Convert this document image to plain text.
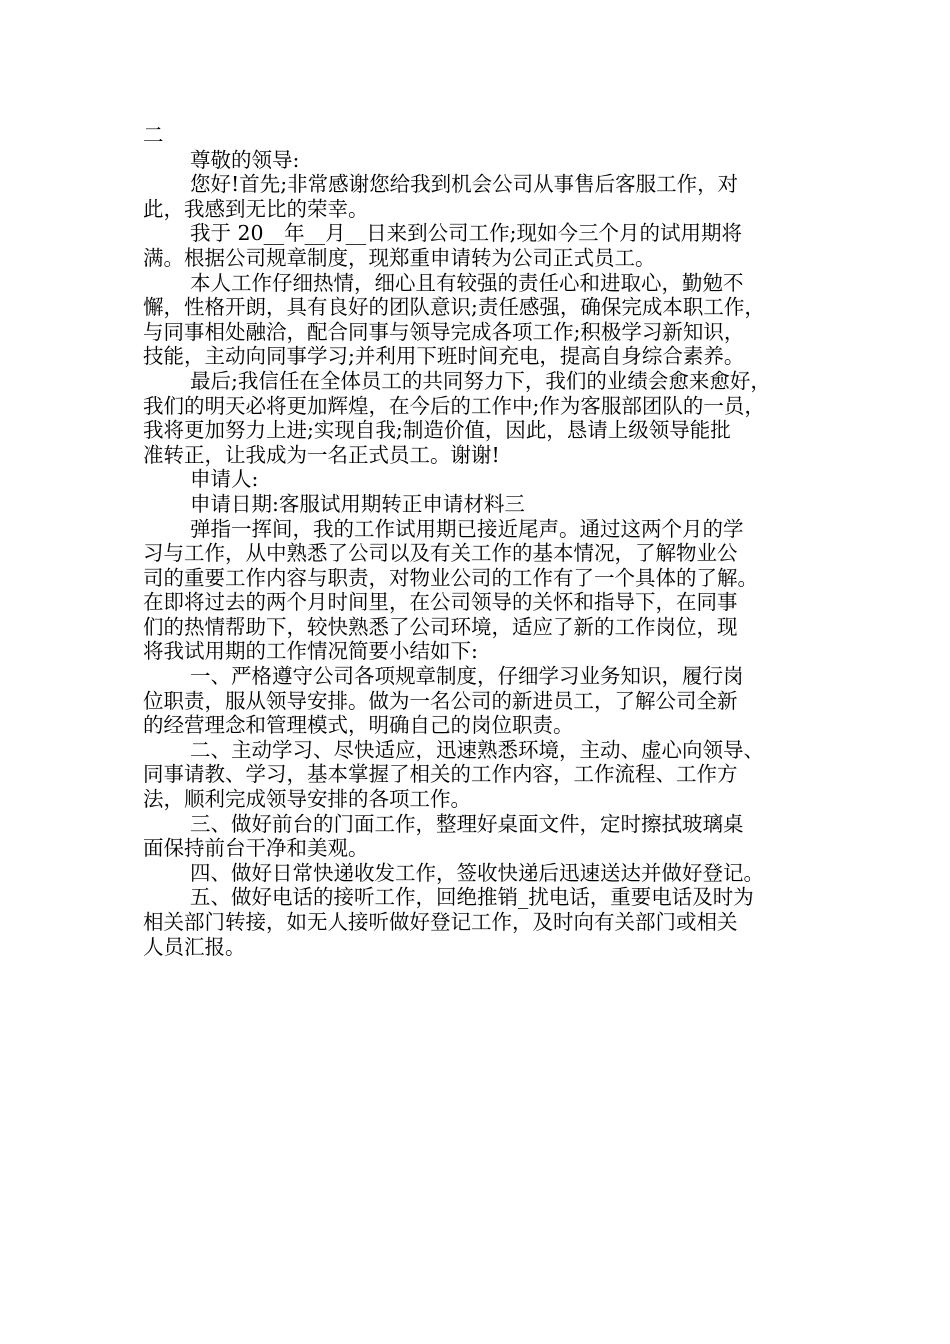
二

尊敬的领导:

您好!首先;非常感谢您给我到机会公司从事售后客服工作，对

此，我感到无比的荣幸。

我于 20__年__月__日来到公司工作;现如今三个月的试用期将

满。根据公司规章制度，现郑重申请转为公司正式员工。

本人工作仔细热情，细心且有较强的责任心和进取心，勤勉不

懈，性格开朗，具有良好的团队意识;责任感强，确保完成本职工作，

与同事相处融洽，配合同事与领导完成各项工作;积极学习新知识，

技能，主动向同事学习;并利用下班时间充电，提高自身综合素养。

最后;我信任在全体员工的共同努力下，我们的业绩会愈来愈好，

我们的明天必将更加辉煌，在今后的工作中;作为客服部团队的一员，

我将更加努力上进;实现自我;制造价值，因此，恳请上级领导能批

准转正，让我成为一名正式员工。谢谢!

申请人:

申请日期:客服试用期转正申请材料三

弹指一挥间，我的工作试用期已接近尾声。通过这两个月的学

习与工作，从中熟悉了公司以及有关工作的基本情况，了解物业公

司的重要工作内容与职责，对物业公司的工作有了一个具体的了解。

在即将过去的两个月时间里，在公司领导的关怀和指导下，在同事

们的热情帮助下，较快熟悉了公司环境，适应了新的工作岗位，现

将我试用期的工作情况简要小结如下:

一、严格遵守公司各项规章制度，仔细学习业务知识，履行岗

位职责，服从领导安排。做为一名公司的新进员工，了解公司全新

的经营理念和管理模式，明确自己的岗位职责。

二、主动学习、尽快适应，迅速熟悉环境，主动、虚心向领导、

同事请教、学习，基本掌握了相关的工作内容，工作流程、工作方

法，顺利完成领导安排的各项工作。

三、做好前台的门面工作，整理好桌面文件，定时擦拭玻璃桌

面保持前台干净和美观。

四、做好日常快递收发工作，签收快递后迅速送达并做好登记。

五、做好电话的接听工作，回绝推销_扰电话，重要电话及时为

相关部门转接，如无人接听做好登记工作，及时向有关部门或相关

人员汇报。
